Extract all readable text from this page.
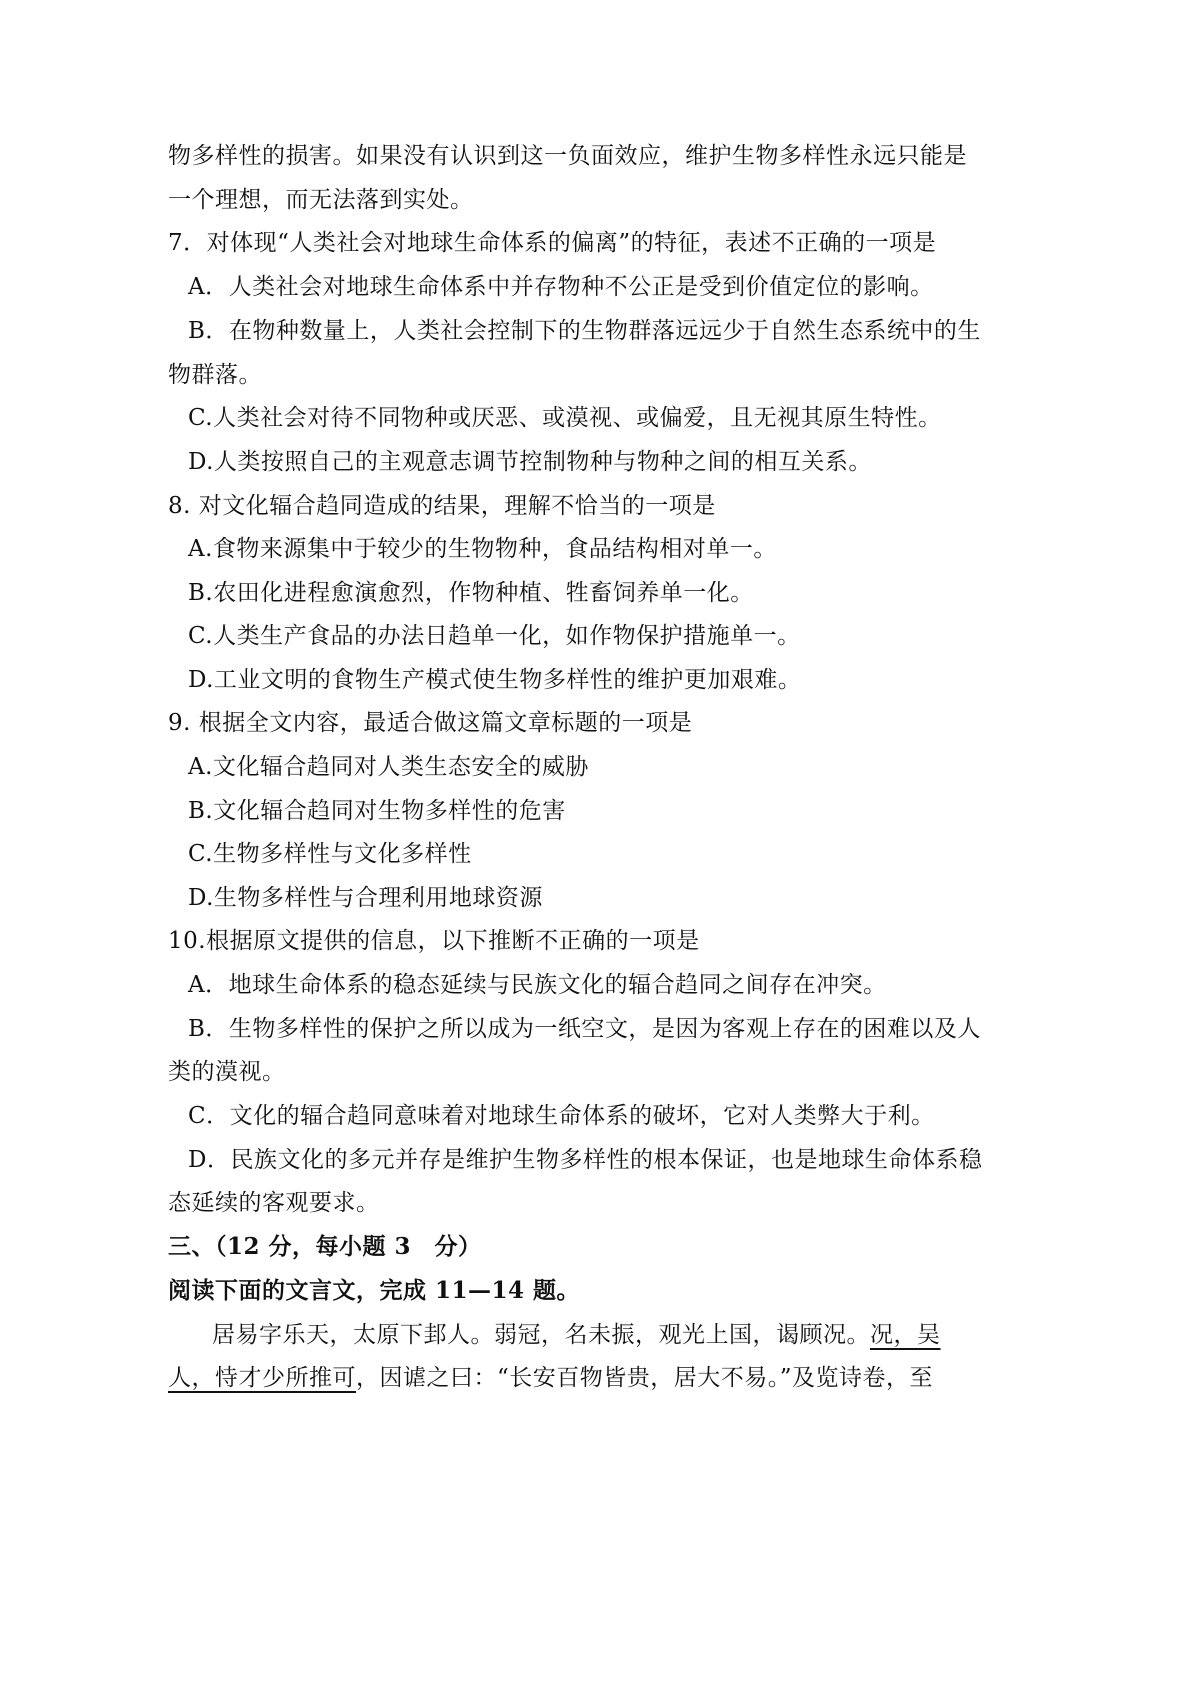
物多样性的损害。如果没有认识到这一负面效应，维护生物多样性永远只能是
一个理想，而无法落到实处。
7．对体现“人类社会对地球生命体系的偏离”的特征，表述不正确的一项是
A．人类社会对地球生命体系中并存物种不公正是受到价值定位的影响。
B．在物种数量上，人类社会控制下的生物群落远远少于自然生态系统中的生
物群落。
C.人类社会对待不同物种或厌恶、或漠视、或偏爱，且无视其原生特性。
D.人类按照自己的主观意志调节控制物种与物种之间的相互关系。
8. 对文化辐合趋同造成的结果，理解不恰当的一项是
A.食物来源集中于较少的生物物种，食品结构相对单一。
B.农田化进程愈演愈烈，作物种植、牲畜饲养单一化。
C.人类生产食品的办法日趋单一化，如作物保护措施单一。
D.工业文明的食物生产模式使生物多样性的维护更加艰难。
9. 根据全文内容，最适合做这篇文章标题的一项是
A.文化辐合趋同对人类生态安全的威胁
B.文化辐合趋同对生物多样性的危害
C.生物多样性与文化多样性
D.生物多样性与合理利用地球资源
10.根据原文提供的信息，以下推断不正确的一项是
A．地球生命体系的稳态延续与民族文化的辐合趋同之间存在冲突。
B．生物多样性的保护之所以成为一纸空文，是因为客观上存在的困难以及人
类的漠视。
C．文化的辐合趋同意味着对地球生命体系的破坏，它对人类弊大于利。
D．民族文化的多元并存是维护生物多样性的根本保证，也是地球生命体系稳
态延续的客观要求。
三、（12 分，每小题 3　分）
阅读下面的文言文，完成 11—14 题。
居易字乐天，太原下邽人。弱冠，名未振，观光上国，谒顾况。况，吴
人，恃才少所推可，因谑之曰：“长安百物皆贵，居大不易。”及览诗卷，至
